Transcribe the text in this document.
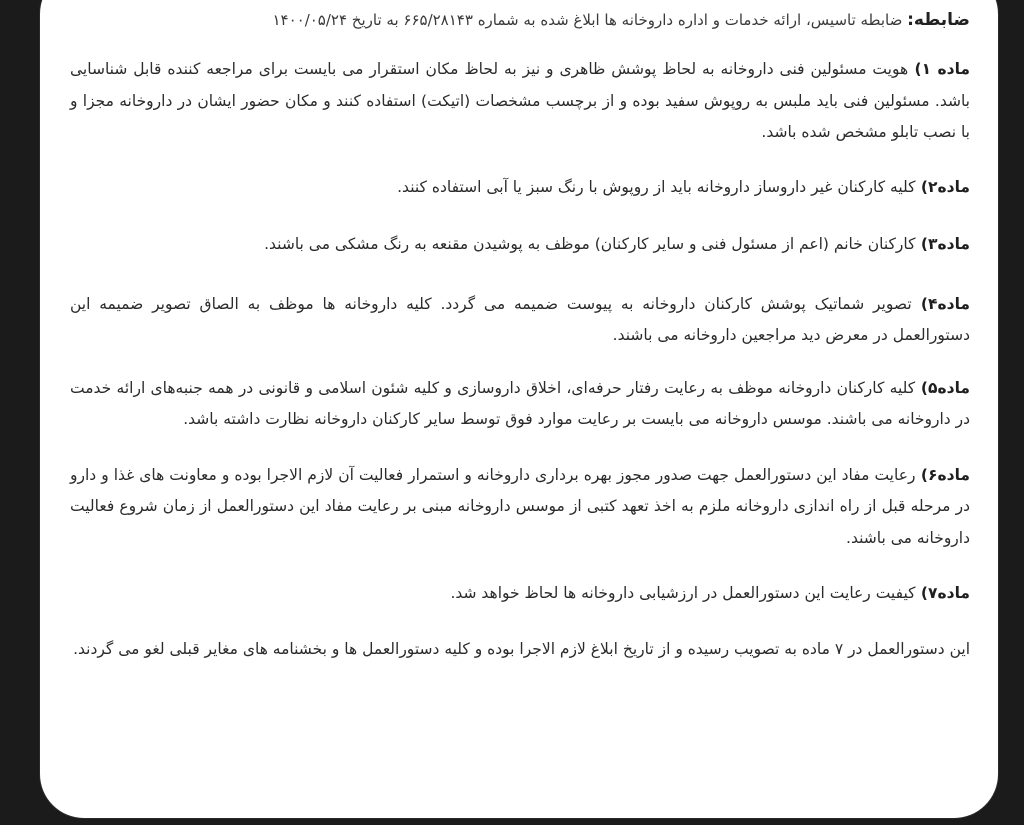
ضابطه: ضابطه تاسیس، ارائه خدمات و اداره داروخانه ها ابلاغ شده به شماره ۶۶۵/۲۸۱۴۳ به تاریخ ۱۴۰۰/۰۵/۲۴

ماده ۱) هویت مسئولین فنی داروخانه به لحاظ پوشش ظاهری و نیز به لحاظ مکان استقرار می بایست برای مراجعه کننده قابل شناسایی باشد. مسئولین فنی باید ملبس به روپوش سفید بوده و از برچسب مشخصات (اتیکت) استفاده کنند و مکان حضور ایشان در داروخانه مجزا و با نصب تابلو مشخص شده باشد.

ماده۲) کلیه کارکنان غیر داروساز داروخانه باید از روپوش با رنگ سبز یا آبی استفاده کنند.

ماده۳) کارکنان خانم (اعم از مسئول فنی و سایر کارکنان) موظف به پوشیدن مقنعه به رنگ مشکی می باشند.

ماده۴) تصویر شماتیک پوشش کارکنان داروخانه به پیوست ضمیمه می گردد. کلیه داروخانه ها موظف به الصاق تصویر ضمیمه این دستورالعمل در معرض دید مراجعین داروخانه می باشند.

ماده۵) کلیه کارکنان داروخانه موظف به رعایت رفتار حرفه‌ای، اخلاق داروسازی و کلیه شئون اسلامی و قانونی در همه جنبه‌های ارائه خدمت در داروخانه می باشند. موسس داروخانه می بایست بر رعایت موارد فوق توسط سایر کارکنان داروخانه نظارت داشته باشد.

ماده۶) رعایت مفاد این دستورالعمل جهت صدور مجوز بهره برداری داروخانه و استمرار فعالیت آن لازم الاجرا بوده و معاونت های غذا و دارو در مرحله قبل از راه اندازی داروخانه ملزم به اخذ تعهد کتبی از موسس داروخانه مبنی بر رعایت مفاد این دستورالعمل از زمان شروع فعالیت داروخانه می باشند.

ماده۷) کیفیت رعایت این دستورالعمل در ارزشیابی داروخانه ها لحاظ خواهد شد.

این دستورالعمل در ۷ ماده به تصویب رسیده و از تاریخ ابلاغ لازم الاجرا بوده و کلیه دستورالعمل ها و بخشنامه های مغایر قبلی لغو می گردند.
